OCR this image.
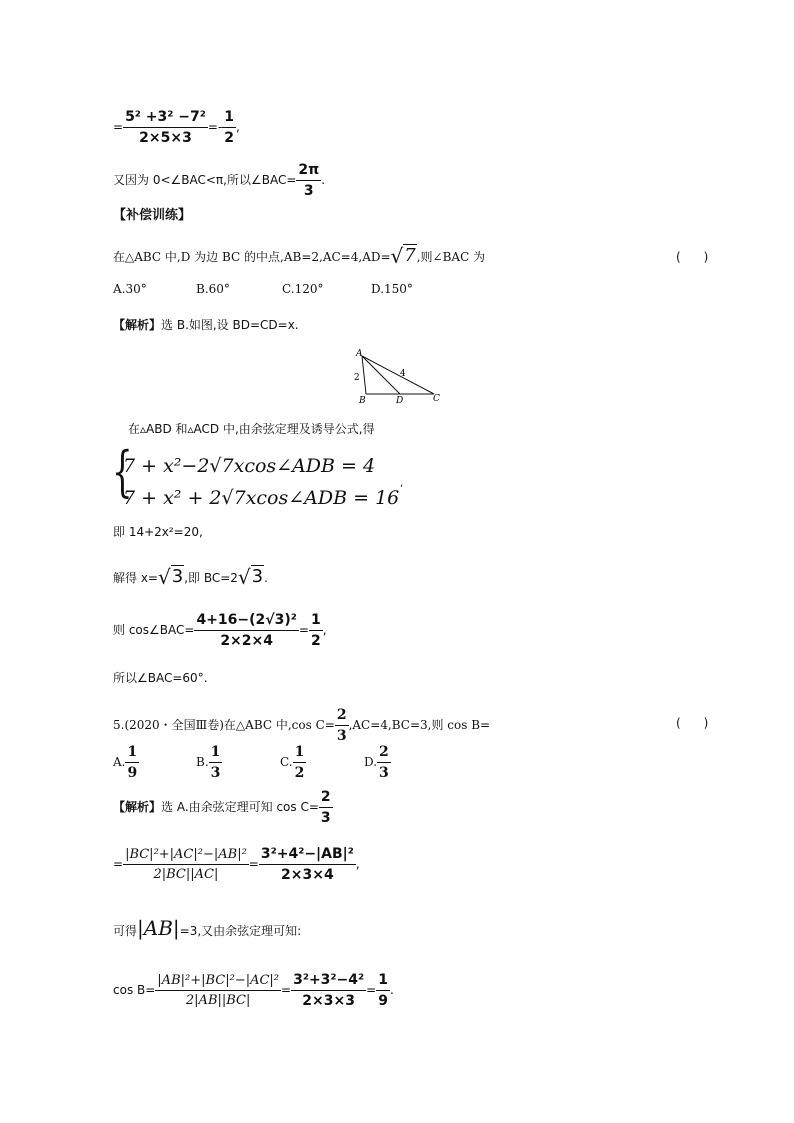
= $\frac{\text{5² +3² −7²}}{2\times 5\times 3} =- \frac{1}{2}$ ,
又因为 0<∠BAC<π,所以∠BAC= $\frac{2\pi}{3}$ .
【补偿训练】
在△ABC 中,D 为边 BC 的中点,AB=2,AC=4,AD=√7,则∠BAC 为	(      )
A.30°	B.60°	C.120°	D.150°
【解析】选 B.如图,设 BD=CD=x.
A
B	D	C
2	4
在▵ABD 和▵ACD 中,由余弦定理及诱导公式,得
{
7 + x²−2√7xcos∠ADB = 4
7 + x² + 2√7xcos∠ADB = 16
,
即 14+2x²=20,
解得 x=√3,即 BC=2√3.
则 cos∠BAC= $\frac{\text{4+16−(2√3)²}}{2\times 2\times 4} = \frac{1}{2}$ ,
所以∠BAC=60°.
5.(2020・全国Ⅲ卷)在△ABC 中,cos $C= \frac{2}{3} ,AC=4,BC=3$,则 cos B=	(      )
A. $\frac{1}{9}$	B. $\frac{1}{3}$	C. $\frac{1}{2}$	D. $\frac{2}{3}$
【解析】选 A.由余弦定理可知 $\cos C= \frac{2}{3}$
= $\frac{\text{|BC|²+|AC|²−|AB|²}}{2|BC||AC|} = \frac{\text{3²+4²−|AB|²}}{2\times 3\times 4}$ ,
可得|AB|=3,又由余弦定理可知:
$\cos B= \frac{\text{|AB|²+|BC|²−|AC|²}}{2|AB||BC|} = \frac{\text{3²+3²−4²}}{2\times 3\times 3} = \frac{1}{9}$ .
